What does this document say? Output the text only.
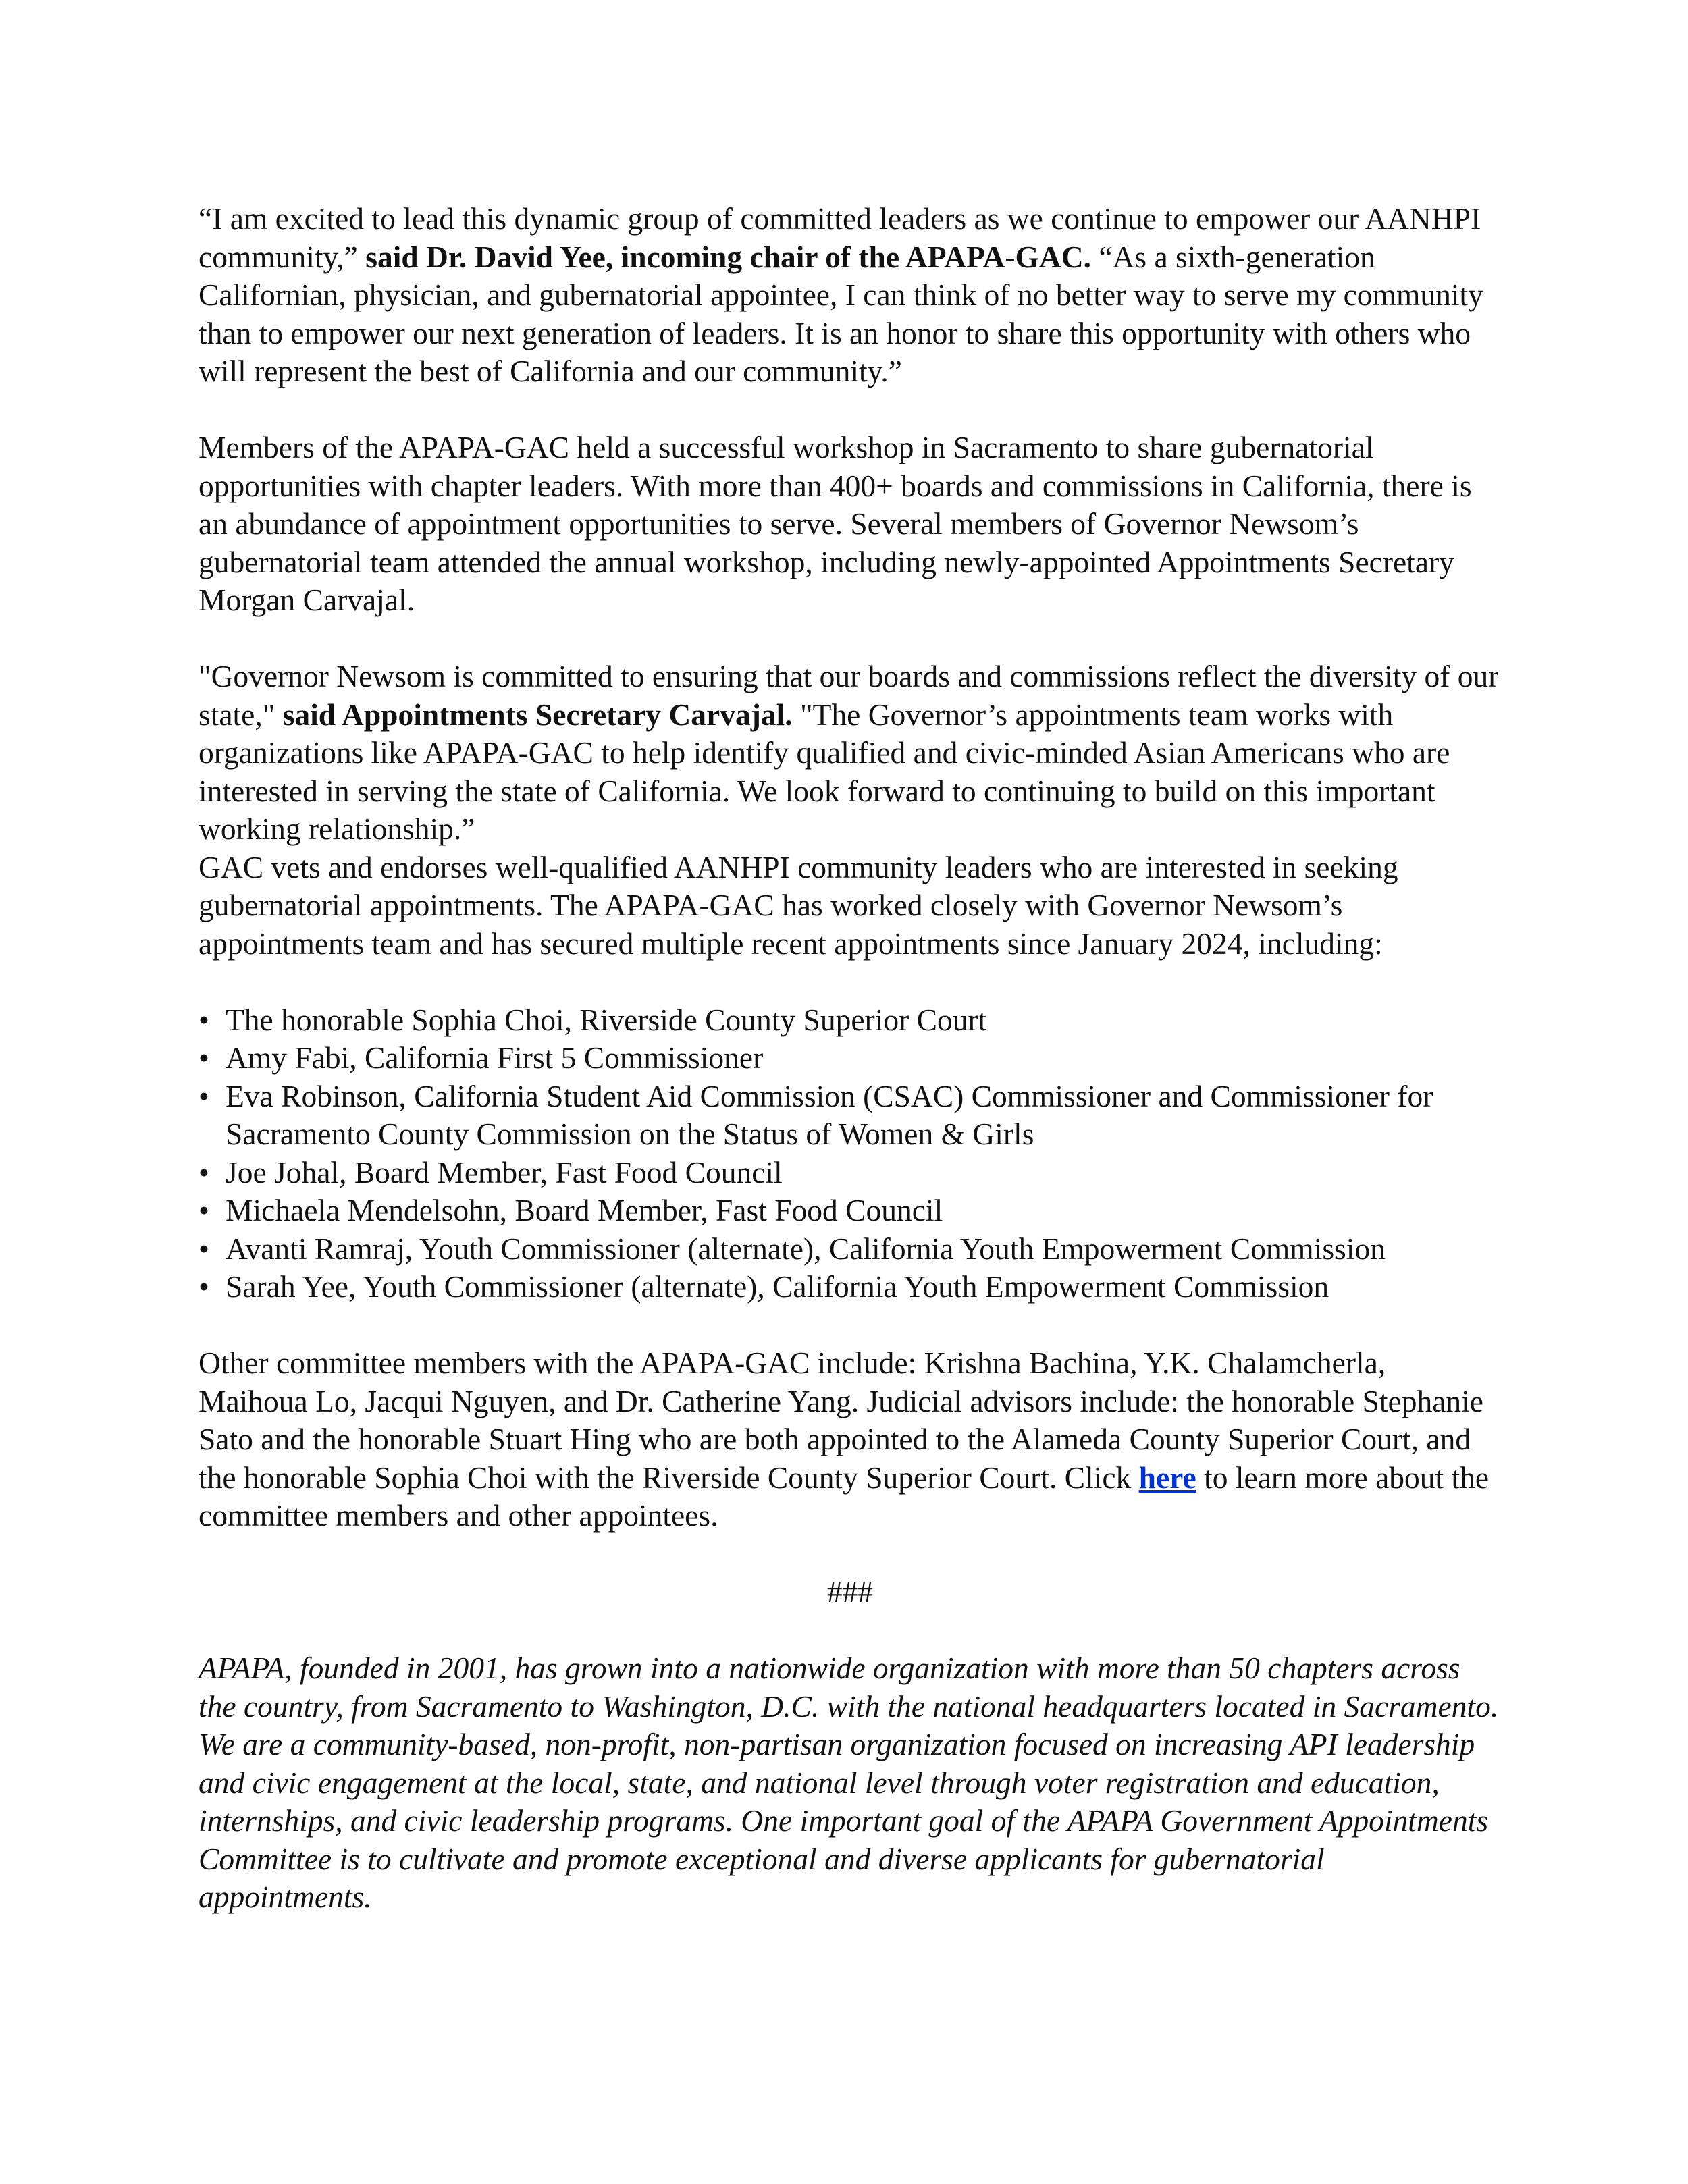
“I am excited to lead this dynamic group of committed leaders as we continue to empower our AANHPI community,” said Dr. David Yee, incoming chair of the APAPA-GAC. “As a sixth-generation Californian, physician, and gubernatorial appointee, I can think of no better way to serve my community than to empower our next generation of leaders. It is an honor to share this opportunity with others who will represent the best of California and our community.”

Members of the APAPA-GAC held a successful workshop in Sacramento to share gubernatorial opportunities with chapter leaders. With more than 400+ boards and commissions in California, there is an abundance of appointment opportunities to serve. Several members of Governor Newsom’s gubernatorial team attended the annual workshop, including newly-appointed Appointments Secretary Morgan Carvajal.

"Governor Newsom is committed to ensuring that our boards and commissions reflect the diversity of our state," said Appointments Secretary Carvajal. "The Governor’s appointments team works with organizations like APAPA-GAC to help identify qualified and civic-minded Asian Americans who are interested in serving the state of California. We look forward to continuing to build on this important working relationship.”

GAC vets and endorses well-qualified AANHPI community leaders who are interested in seeking gubernatorial appointments. The APAPA-GAC has worked closely with Governor Newsom’s appointments team and has secured multiple recent appointments since January 2024, including:

• The honorable Sophia Choi, Riverside County Superior Court
• Amy Fabi, California First 5 Commissioner
• Eva Robinson, California Student Aid Commission (CSAC) Commissioner and Commissioner for Sacramento County Commission on the Status of Women & Girls
• Joe Johal, Board Member, Fast Food Council
• Michaela Mendelsohn, Board Member, Fast Food Council
• Avanti Ramraj, Youth Commissioner (alternate), California Youth Empowerment Commission
• Sarah Yee, Youth Commissioner (alternate), California Youth Empowerment Commission

Other committee members with the APAPA-GAC include: Krishna Bachina, Y.K. Chalamcherla, Maihoua Lo, Jacqui Nguyen, and Dr. Catherine Yang. Judicial advisors include: the honorable Stephanie Sato and the honorable Stuart Hing who are both appointed to the Alameda County Superior Court, and the honorable Sophia Choi with the Riverside County Superior Court. Click here to learn more about the committee members and other appointees.

###

APAPA, founded in 2001, has grown into a nationwide organization with more than 50 chapters across the country, from Sacramento to Washington, D.C. with the national headquarters located in Sacramento. We are a community-based, non-profit, non-partisan organization focused on increasing API leadership and civic engagement at the local, state, and national level through voter registration and education, internships, and civic leadership programs. One important goal of the APAPA Government Appointments Committee is to cultivate and promote exceptional and diverse applicants for gubernatorial appointments.
